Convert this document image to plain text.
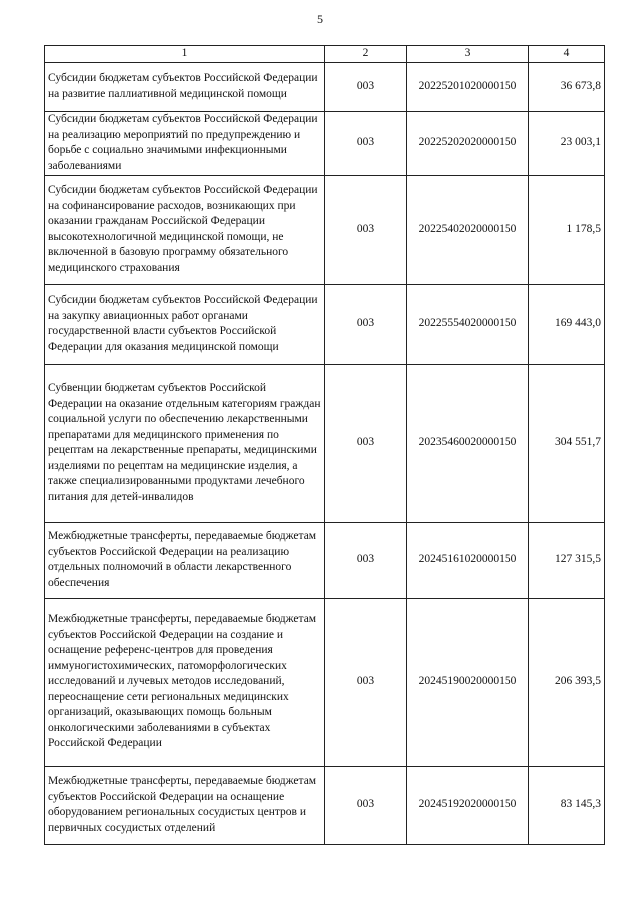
5
1	2	3	4
Субсидии бюджетам субъектов Российской Федерации на развитие паллиативной медицинской помощи	003	20225201020000150	36 673,8
Субсидии бюджетам субъектов Российской Федерации на реализацию мероприятий по предупреждению и борьбе с социально значимыми инфекционными заболеваниями	003	20225202020000150	23 003,1
Субсидии бюджетам субъектов Российской Федерации на софинансирование расходов, возникающих при оказании гражданам Российской Федерации высокотехнологичной медицинской помощи, не включенной в базовую программу обязательного медицинского страхования	003	20225402020000150	1 178,5
Субсидии бюджетам субъектов Российской Федерации на закупку авиационных работ органами государственной власти субъектов Российской Федерации для оказания медицинской помощи	003	20225554020000150	169 443,0
Субвенции бюджетам субъектов Российской Федерации на оказание отдельным категориям граждан социальной услуги по обеспечению лекарственными препаратами для медицинского применения по рецептам на лекарственные препараты, медицинскими изделиями по рецептам на медицинские изделия, а также специализированными продуктами лечебного питания для детей-инвалидов	003	20235460020000150	304 551,7
Межбюджетные трансферты, передаваемые бюджетам субъектов Российской Федерации на реализацию отдельных полномочий в области лекарственного обеспечения	003	20245161020000150	127 315,5
Межбюджетные трансферты, передаваемые бюджетам субъектов Российской Федерации на создание и оснащение референс-центров для проведения иммуногистохимических, патоморфологических исследований и лучевых методов исследований, переоснащение сети региональных медицинских организаций, оказывающих помощь больным онкологическими заболеваниями в субъектах Российской Федерации	003	20245190020000150	206 393,5
Межбюджетные трансферты, передаваемые бюджетам субъектов Российской Федерации на оснащение оборудованием региональных сосудистых центров и первичных сосудистых отделений	003	20245192020000150	83 145,3
